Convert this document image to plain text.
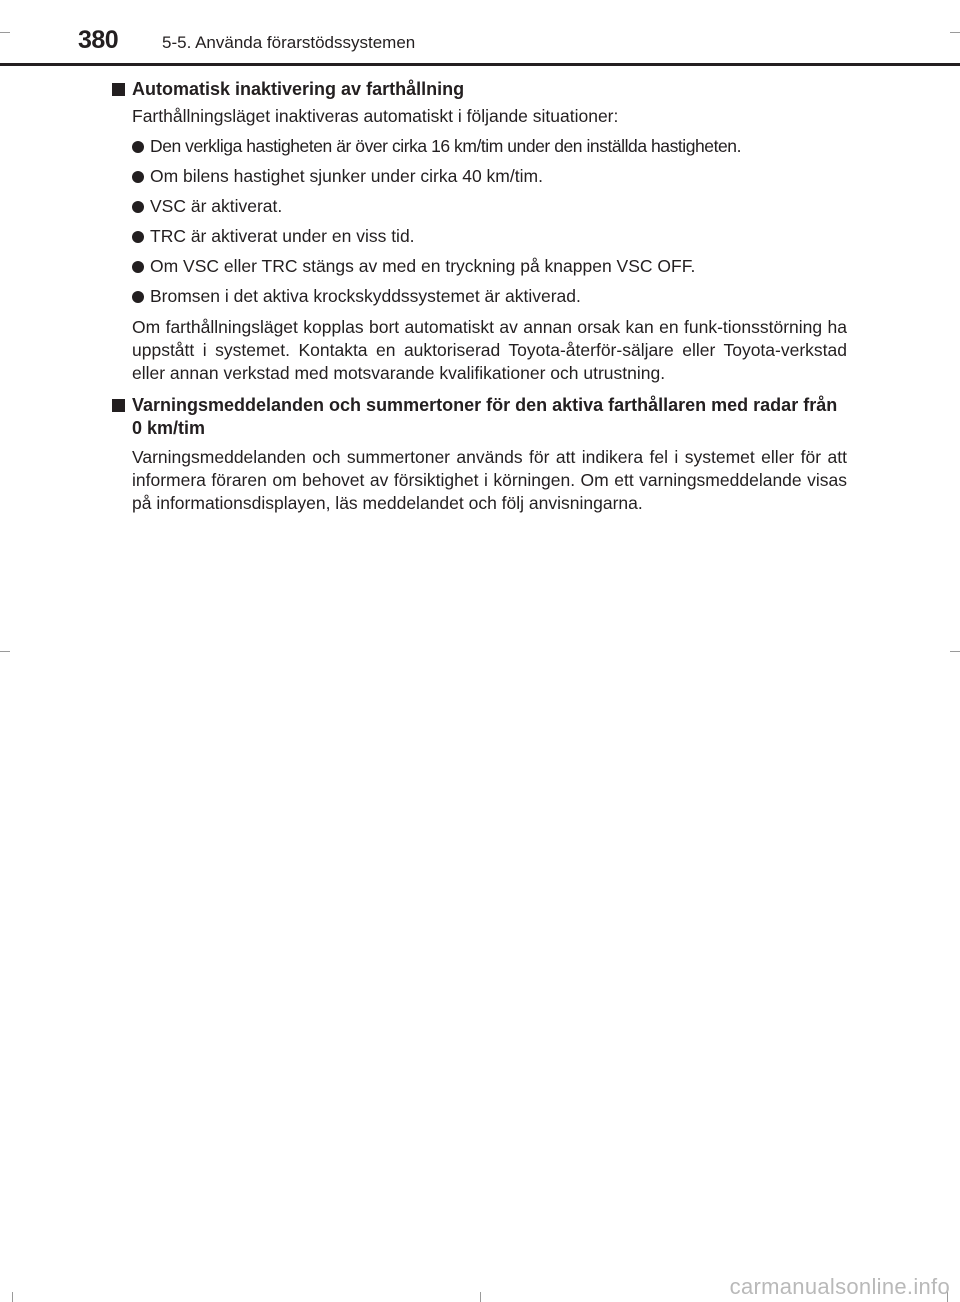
380	5-5. Använda förarstödssystemen
Automatisk inaktivering av farthållning
Farthållningsläget inaktiveras automatiskt i följande situationer:
Den verkliga hastigheten är över cirka 16 km/tim under den inställda hastigheten.
Om bilens hastighet sjunker under cirka 40 km/tim.
VSC är aktiverat.
TRC är aktiverat under en viss tid.
Om VSC eller TRC stängs av med en tryckning på knappen VSC OFF.
Bromsen i det aktiva krockskyddssystemet är aktiverad.
Om farthållningsläget kopplas bort automatiskt av annan orsak kan en funk-tionsstörning ha uppstått i systemet. Kontakta en auktoriserad Toyota-återför-säljare eller Toyota-verkstad eller annan verkstad med motsvarande kvalifikationer och utrustning.
Varningsmeddelanden och summertoner för den aktiva farthållaren med radar från 0 km/tim
Varningsmeddelanden och summertoner används för att indikera fel i systemet eller för att informera föraren om behovet av försiktighet i körningen. Om ett varningsmeddelande visas på informationsdisplayen, läs meddelandet och följ anvisningarna.
carmanualsonline.info
